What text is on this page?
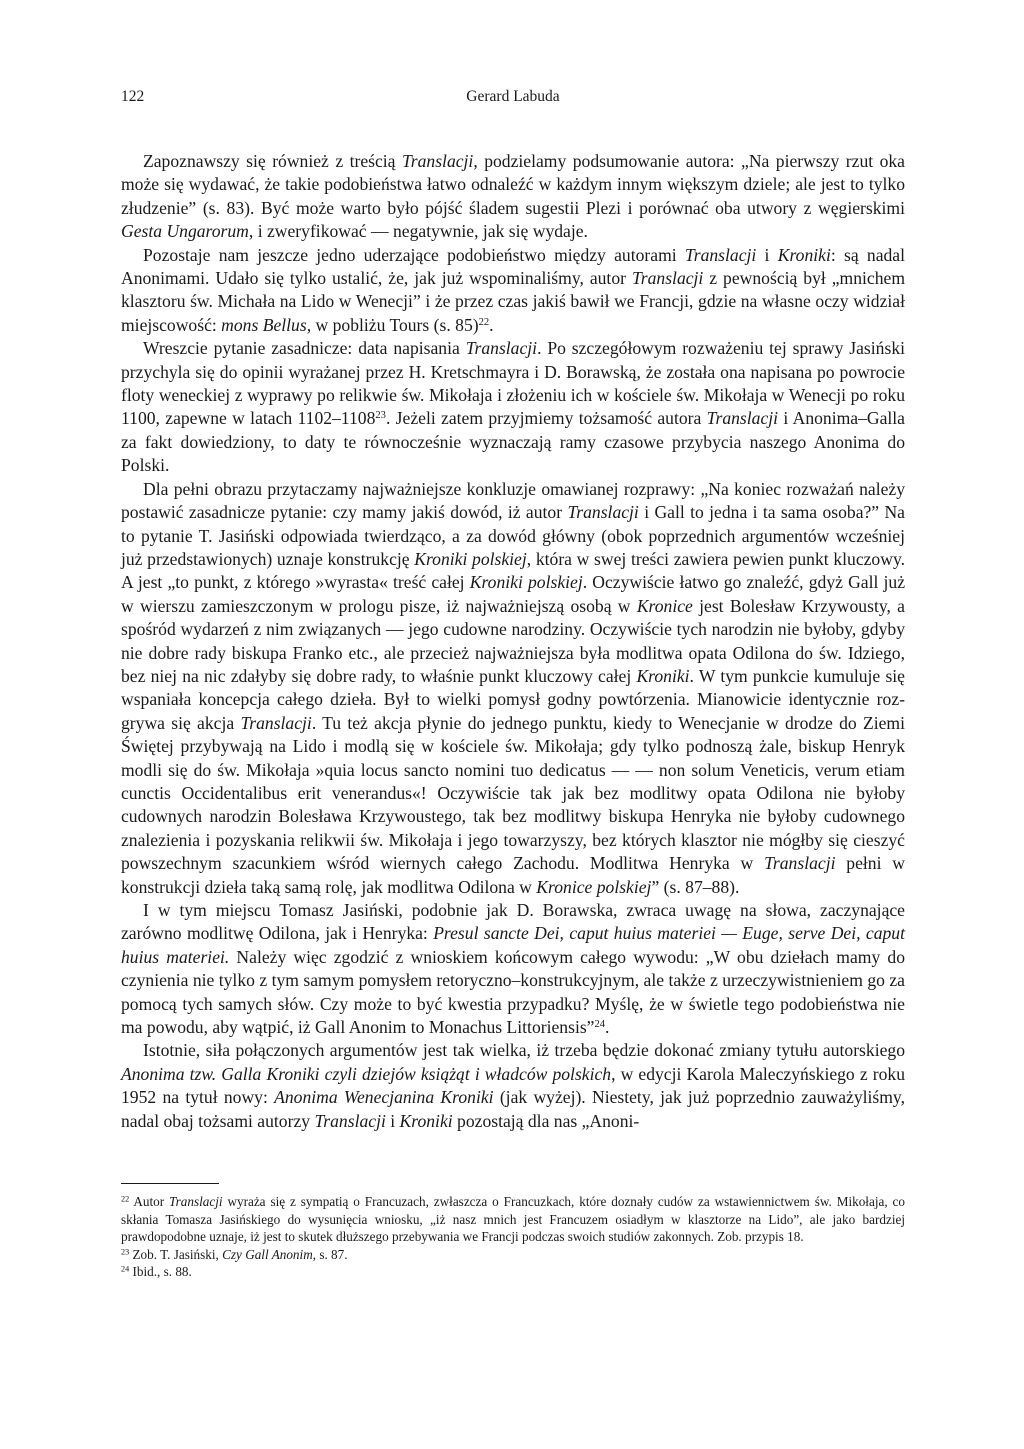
122	Gerard Labuda

Zapoznawszy się również z treścią Translacji, podzielamy podsumowanie autora: „Na pierwszy rzut oka może się wydawać, że takie podobieństwa łatwo odnaleźć w każdym innym większym dziele; ale jest to tylko złudzenie” (s. 83). Być może warto było pójść śladem sugestii Plezi i porównać oba utwory z węgierskimi Gesta Ungarorum, i zweryfikować — negatywnie, jak się wydaje.

Pozostaje nam jeszcze jedno uderzające podobieństwo między autorami Translacji i Kroniki: są nadal Anonimami. Udało się tylko ustalić, że, jak już wspominaliśmy, autor Translacji z pewnością był „mnichem klasztoru św. Michała na Lido w Wenecji” i że przez czas jakiś bawił we Francji, gdzie na własne oczy widział miejscowość: mons Bellus, w pobliżu Tours (s. 85)$^{22}$.

Wreszcie pytanie zasadnicze: data napisania Translacji. Po szczegółowym rozważeniu tej sprawy Jasiński przychyla się do opinii wyrażanej przez H. Kretschmayra i D. Borawską, że została ona napisana po powrocie floty weneckiej z wyprawy po relikwie św. Mikołaja i złożeniu ich w kościele św. Mikołaja w Wenecji po roku 1100, zapewne w latach 1102–1108$^{23}$. Jeżeli zatem przyjmiemy tożsamość autora Translacji i Anonima–Galla za fakt dowiedziony, to daty te równocześnie wyznaczają ramy czasowe przybycia naszego Anonima do Polski.

Dla pełni obrazu przytaczamy najważniejsze konkluzje omawianej rozprawy: „Na koniec rozważań należy postawić zasadnicze pytanie: czy mamy jakiś dowód, iż autor Translacji i Gall to jedna i ta sama osoba?” Na to pytanie T. Jasiński odpowiada twierdząco, a za dowód główny (obok poprzednich argumentów wcześniej już przedstawionych) uznaje konstrukcję Kroniki polskiej, która w swej treści zawiera pewien punkt kluczowy. A jest „to punkt, z którego »wyrasta« treść całej Kroniki polskiej. Oczywiście łatwo go znaleźć, gdyż Gall już w wierszu zamieszczonym w prologu pisze, iż najważniejszą osobą w Kronice jest Bolesław Krzywousty, a spośród wydarzeń z nim związanych — jego cudowne narodziny. Oczywiście tych narodzin nie byłoby, gdyby nie dobre rady biskupa Franko etc., ale przecież najważniejsza była modlitwa opata Odilona do św. Idziego, bez niej na nic zdałyby się dobre rady, to właśnie punkt kluczowy całej Kroniki. W tym punkcie kumuluje się wspaniała koncepcja całego dzieła. Był to wielki pomysł godny powtórzenia. Mianowicie identycznie rozgrywa się akcja Translacji. Tu też akcja płynie do jednego punktu, kiedy to Wenecjanie w drodze do Ziemi Świętej przybywają na Lido i modlą się w kościele św. Mikołaja; gdy tylko podnoszą żale, biskup Henryk modli się do św. Mikołaja »quia locus sancto nomini tuo dedicatus — — non solum Veneticis, verum etiam cunctis Occidentalibus erit venerandus«! Oczywiście tak jak bez modlitwy opata Odilona nie byłoby cudownych narodzin Bolesława Krzywoustego, tak bez modlitwy biskupa Henryka nie byłoby cudownego znalezienia i pozyskania relikwii św. Mikołaja i jego towarzyszy, bez których klasztor nie mógłby się cieszyć powszechnym szacunkiem wśród wiernych całego Zachodu. Modlitwa Henryka w Translacji pełni w konstrukcji dzieła taką samą rolę, jak modlitwa Odilona w Kronice polskiej” (s. 87–88).

I w tym miejscu Tomasz Jasiński, podobnie jak D. Borawska, zwraca uwagę na słowa, zaczynające zarówno modlitwę Odilona, jak i Henryka: Presul sancte Dei, caput huius materiei — Euge, serve Dei, caput huius materiei. Należy więc zgodzić z wnioskiem końcowym całego wywodu: „W obu dziełach mamy do czynienia nie tylko z tym samym pomysłem retoryczno–konstrukcyjnym, ale także z urzeczywistnieniem go za pomocą tych samych słów. Czy może to być kwestia przypadku? Myślę, że w świetle tego podobieństwa nie ma powodu, aby wątpić, iż Gall Anonim to Monachus Littoriensis”$^{24}$.

Istotnie, siła połączonych argumentów jest tak wielka, iż trzeba będzie dokonać zmiany tytułu autorskiego Anonima tzw. Galla Kroniki czyli dziejów książąt i władców polskich, w edycji Karola Maleczyńskiego z roku 1952 na tytuł nowy: Anonima Wenecjanina Kroniki (jak wyżej). Niestety, jak już poprzednio zauważyliśmy, nadal obaj tożsami autorzy Translacji i Kroniki pozostają dla nas „Anoni-

$^{22}$ Autor Translacji wyraża się z sympatią o Francuzach, zwłaszcza o Francuzkach, które doznały cudów za wstawiennictwem św. Mikołaja, co skłania Tomasza Jasińskiego do wysunięcia wniosku, „iż nasz mnich jest Francuzem osiadłym w klasztorze na Lido”, ale jako bardziej prawdopodobne uznaje, iż jest to skutek dłuższego przebywania we Francji podczas swoich studiów zakonnych. Zob. przypis 18.

$^{23}$ Zob. T. Jasiński, Czy Gall Anonim, s. 87.

$^{24}$ Ibid., s. 88.
